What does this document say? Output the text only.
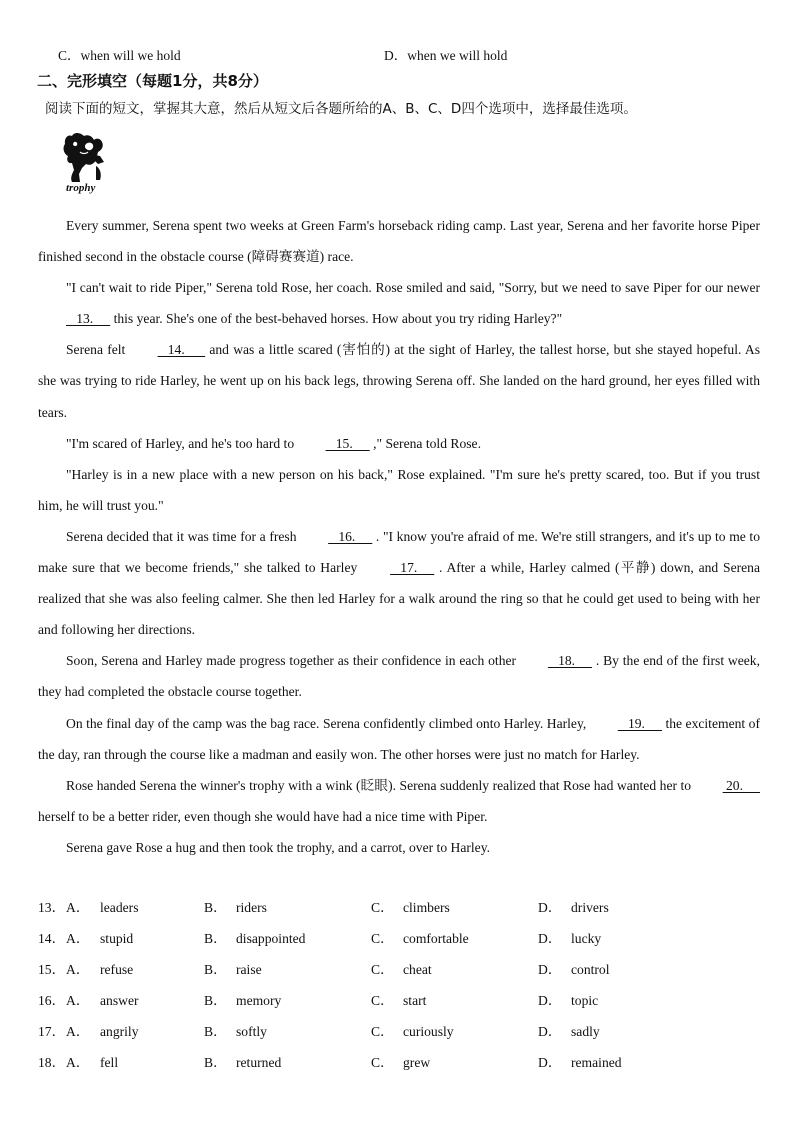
C．when will we hold	D．when we will hold
二、完形填空（每题1分，共8分）
阅读下面的短文，掌握其大意，然后从短文后各题所给的A、B、C、D四个选项中，选择最佳选项。
trophy

Every summer, Serena spent two weeks at Green Farm's horseback riding camp. Last year, Serena and her favorite horse Piper finished second in the obstacle course (障碍赛赛道) race.

"I can't wait to ride Piper," Serena told Rose, her coach. Rose smiled and said, "Sorry, but we need to save Piper for our newer    13.      this year. She's one of the best-behaved horses. How about you try riding Harley?"

Serena felt    14.       and was a little scared (害怕的) at the sight of Harley, the tallest horse, but she stayed hopeful. As she was trying to ride Harley, he went up on his back legs, throwing Serena off. She landed on the hard ground, her eyes filled with tears.

"I'm scared of Harley, and he's too hard to    15.      ," Serena told Rose.

"Harley is in a new place with a new person on his back," Rose explained. "I'm sure he's pretty scared, too. But if you trust him, he will trust you."

Serena decided that it was time for a fresh    16.      . "I know you're afraid of me. We're still strangers, and it's up to me to make sure that we become friends," she talked to Harley    17.      . After a while, Harley calmed (平静) down, and Serena realized that she was also feeling calmer. She then led Harley for a walk around the ring so that he could get used to being with her and following her directions.

Soon, Serena and Harley made progress together as their confidence in each other    18.      . By the end of the first week, they had completed the obstacle course together.

On the final day of the camp was the bag race. Serena confidently climbed onto Harley. Harley,    19.      the excitement of the day, ran through the course like a madman and easily won. The other horses were just no match for Harley.

Rose handed Serena the winner's trophy with a wink (眨眼). Serena suddenly realized that Rose had wanted her to  20.      herself to be a better rider, even though she would have had a nice time with Piper.

Serena gave Rose a hug and then took the trophy, and a carrot, over to Harley.

13． A． leaders	B． riders	C． climbers	D． drivers
14． A． stupid	B． disappointed	C． comfortable	D． lucky
15． A． refuse	B． raise	C． cheat	D． control
16． A． answer	B． memory	C． start	D． topic
17． A． angrily	B． softly	C． curiously	D． sadly
18． A． fell	B． returned	C． grew	D． remained
